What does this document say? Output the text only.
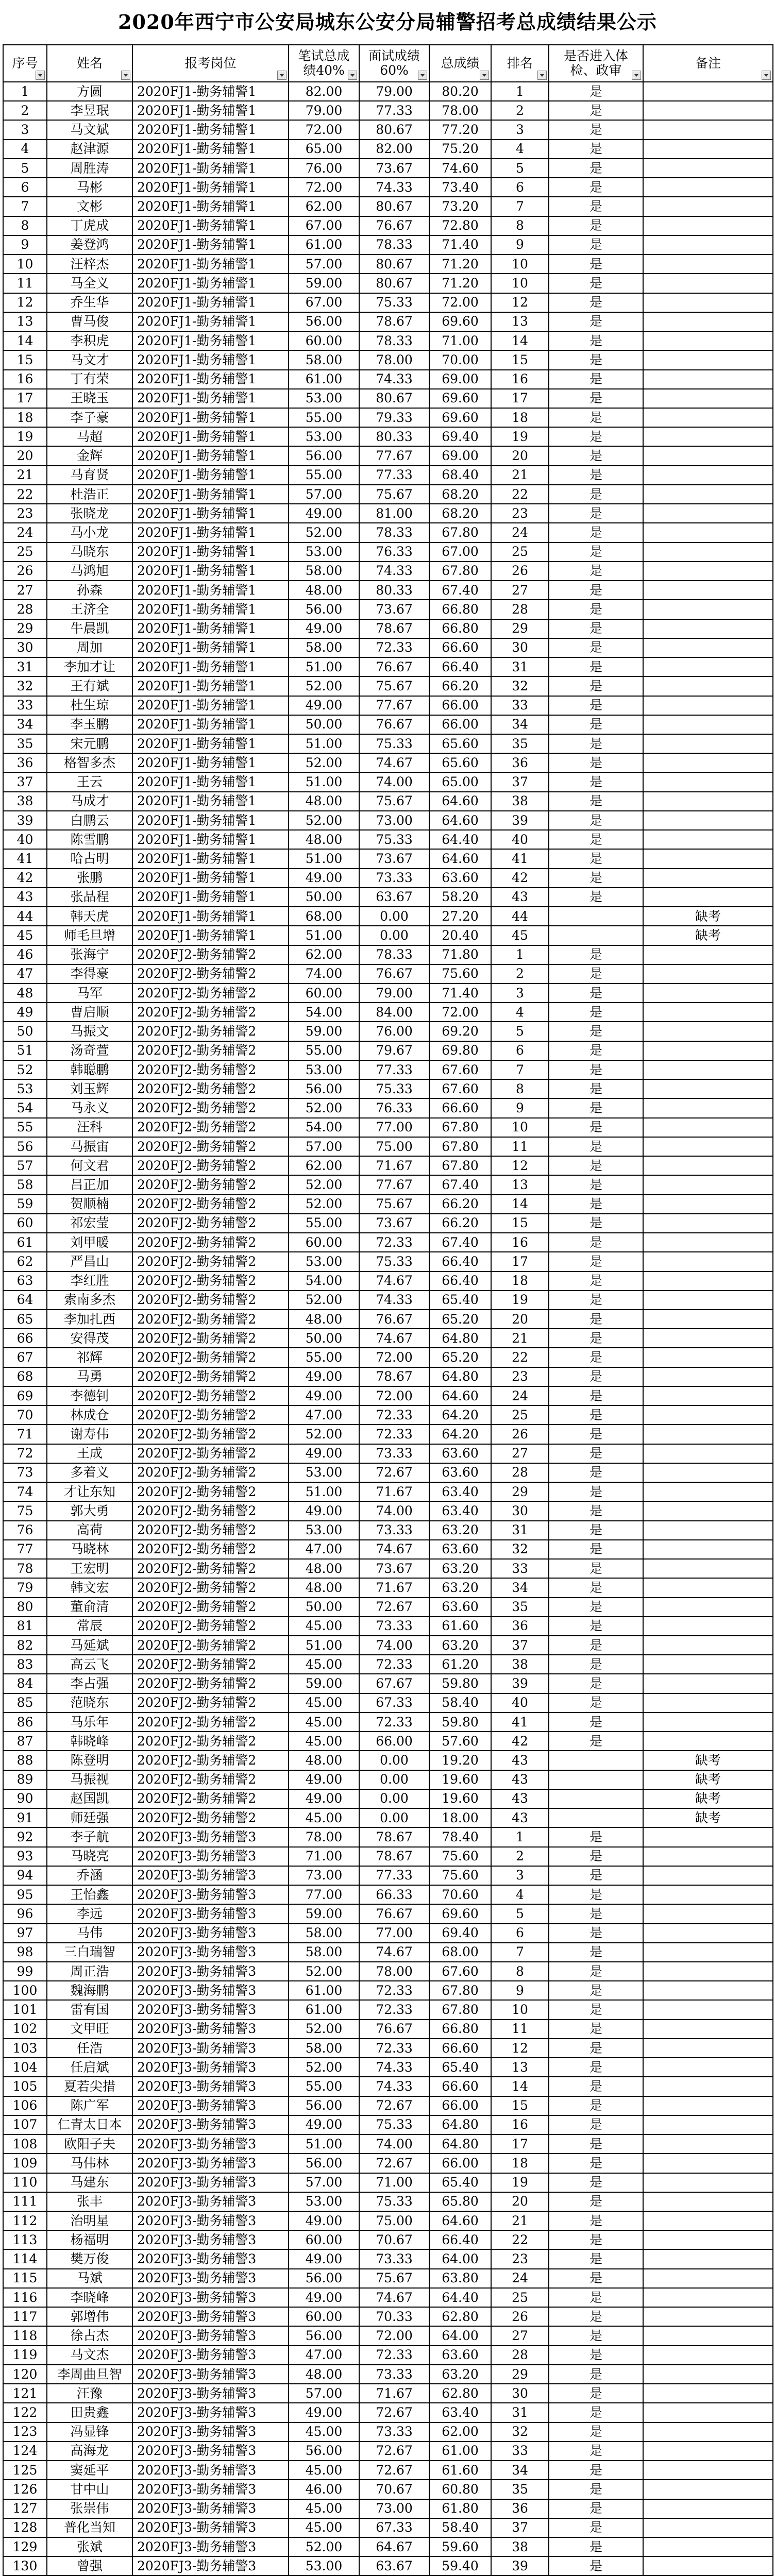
2020年西宁市公安局城东公安分局辅警招考总成绩结果公示
序号	姓名	报考岗位	笔试总成绩40%	面试成绩60%	总成绩	排名	是否进入体检、政审	备注

1	方圆	2020FJ1-勤务辅警1	82.00	79.00	80.20	1	是	
2	李昱珉	2020FJ1-勤务辅警1	79.00	77.33	78.00	2	是	
3	马文斌	2020FJ1-勤务辅警1	72.00	80.67	77.20	3	是	
4	赵津源	2020FJ1-勤务辅警1	65.00	82.00	75.20	4	是	
5	周胜涛	2020FJ1-勤务辅警1	76.00	73.67	74.60	5	是	
6	马彬	2020FJ1-勤务辅警1	72.00	74.33	73.40	6	是	
7	文彬	2020FJ1-勤务辅警1	62.00	80.67	73.20	7	是	
8	丁虎成	2020FJ1-勤务辅警1	67.00	76.67	72.80	8	是	
9	姜登鸿	2020FJ1-勤务辅警1	61.00	78.33	71.40	9	是	
10	汪梓杰	2020FJ1-勤务辅警1	57.00	80.67	71.20	10	是	
11	马全义	2020FJ1-勤务辅警1	59.00	80.67	71.20	10	是	
12	乔生华	2020FJ1-勤务辅警1	67.00	75.33	72.00	12	是	
13	曹马俊	2020FJ1-勤务辅警1	56.00	78.67	69.60	13	是	
14	李积虎	2020FJ1-勤务辅警1	60.00	78.33	71.00	14	是	
15	马文才	2020FJ1-勤务辅警1	58.00	78.00	70.00	15	是	
16	丁有荣	2020FJ1-勤务辅警1	61.00	74.33	69.00	16	是	
17	王晓玉	2020FJ1-勤务辅警1	53.00	80.67	69.60	17	是	
18	李子豪	2020FJ1-勤务辅警1	55.00	79.33	69.60	18	是	
19	马超	2020FJ1-勤务辅警1	53.00	80.33	69.40	19	是	
20	金辉	2020FJ1-勤务辅警1	56.00	77.67	69.00	20	是	
21	马育贤	2020FJ1-勤务辅警1	55.00	77.33	68.40	21	是	
22	杜浩正	2020FJ1-勤务辅警1	57.00	75.67	68.20	22	是	
23	张晓龙	2020FJ1-勤务辅警1	49.00	81.00	68.20	23	是	
24	马小龙	2020FJ1-勤务辅警1	52.00	78.33	67.80	24	是	
25	马晓东	2020FJ1-勤务辅警1	53.00	76.33	67.00	25	是	
26	马鸿旭	2020FJ1-勤务辅警1	58.00	74.33	67.80	26	是	
27	孙森	2020FJ1-勤务辅警1	48.00	80.33	67.40	27	是	
28	王济全	2020FJ1-勤务辅警1	56.00	73.67	66.80	28	是	
29	牛晨凯	2020FJ1-勤务辅警1	49.00	78.67	66.80	29	是	
30	周加	2020FJ1-勤务辅警1	58.00	72.33	66.60	30	是	
31	李加才让	2020FJ1-勤务辅警1	51.00	76.67	66.40	31	是	
32	王有斌	2020FJ1-勤务辅警1	52.00	75.67	66.20	32	是	
33	杜生琼	2020FJ1-勤务辅警1	49.00	77.67	66.00	33	是	
34	李玉鹏	2020FJ1-勤务辅警1	50.00	76.67	66.00	34	是	
35	宋元鹏	2020FJ1-勤务辅警1	51.00	75.33	65.60	35	是	
36	格智多杰	2020FJ1-勤务辅警1	52.00	74.67	65.60	36	是	
37	王云	2020FJ1-勤务辅警1	51.00	74.00	65.00	37	是	
38	马成才	2020FJ1-勤务辅警1	48.00	75.67	64.60	38	是	
39	白鹏云	2020FJ1-勤务辅警1	52.00	73.00	64.60	39	是	
40	陈雪鹏	2020FJ1-勤务辅警1	48.00	75.33	64.40	40	是	
41	哈占明	2020FJ1-勤务辅警1	51.00	73.67	64.60	41	是	
42	张鹏	2020FJ1-勤务辅警1	49.00	73.33	63.60	42	是	
43	张品程	2020FJ1-勤务辅警1	50.00	63.67	58.20	43	是	
44	韩天虎	2020FJ1-勤务辅警1	68.00	0.00	27.20	44		缺考
45	师毛旦增	2020FJ1-勤务辅警1	51.00	0.00	20.40	45		缺考
46	张海宁	2020FJ2-勤务辅警2	62.00	78.33	71.80	1	是	
47	李得豪	2020FJ2-勤务辅警2	74.00	76.67	75.60	2	是	
48	马军	2020FJ2-勤务辅警2	60.00	79.00	71.40	3	是	
49	曹启顺	2020FJ2-勤务辅警2	54.00	84.00	72.00	4	是	
50	马振文	2020FJ2-勤务辅警2	59.00	76.00	69.20	5	是	
51	汤奇萱	2020FJ2-勤务辅警2	55.00	79.67	69.80	6	是	
52	韩聪鹏	2020FJ2-勤务辅警2	53.00	77.33	67.60	7	是	
53	刘玉辉	2020FJ2-勤务辅警2	56.00	75.33	67.60	8	是	
54	马永义	2020FJ2-勤务辅警2	52.00	76.33	66.60	9	是	
55	汪科	2020FJ2-勤务辅警2	54.00	77.00	67.80	10	是	
56	马振宙	2020FJ2-勤务辅警2	57.00	75.00	67.80	11	是	
57	何文君	2020FJ2-勤务辅警2	62.00	71.67	67.80	12	是	
58	吕正加	2020FJ2-勤务辅警2	52.00	77.67	67.40	13	是	
59	贺顺楠	2020FJ2-勤务辅警2	52.00	75.67	66.20	14	是	
60	祁宏莹	2020FJ2-勤务辅警2	55.00	73.67	66.20	15	是	
61	刘甲暖	2020FJ2-勤务辅警2	60.00	72.33	67.40	16	是	
62	严昌山	2020FJ2-勤务辅警2	53.00	75.33	66.40	17	是	
63	李红胜	2020FJ2-勤务辅警2	54.00	74.67	66.40	18	是	
64	索南多杰	2020FJ2-勤务辅警2	52.00	74.33	65.40	19	是	
65	李加扎西	2020FJ2-勤务辅警2	48.00	76.67	65.20	20	是	
66	安得茂	2020FJ2-勤务辅警2	50.00	74.67	64.80	21	是	
67	祁辉	2020FJ2-勤务辅警2	55.00	72.00	65.20	22	是	
68	马勇	2020FJ2-勤务辅警2	49.00	78.67	64.80	23	是	
69	李德钊	2020FJ2-勤务辅警2	49.00	72.00	64.60	24	是	
70	林成仓	2020FJ2-勤务辅警2	47.00	72.33	64.20	25	是	
71	谢寿伟	2020FJ2-勤务辅警2	52.00	72.33	64.20	26	是	
72	王成	2020FJ2-勤务辅警2	49.00	73.33	63.60	27	是	
73	多着义	2020FJ2-勤务辅警2	53.00	72.67	63.60	28	是	
74	才让东知	2020FJ2-勤务辅警2	51.00	71.67	63.40	29	是	
75	郭大勇	2020FJ2-勤务辅警2	49.00	74.00	63.40	30	是	
76	高荷	2020FJ2-勤务辅警2	53.00	73.33	63.20	31	是	
77	马晓林	2020FJ2-勤务辅警2	47.00	74.67	63.60	32	是	
78	王宏明	2020FJ2-勤务辅警2	48.00	73.67	63.20	33	是	
79	韩文宏	2020FJ2-勤务辅警2	48.00	71.67	63.20	34	是	
80	董俞清	2020FJ2-勤务辅警2	50.00	72.67	63.60	35	是	
81	常辰	2020FJ2-勤务辅警2	45.00	73.33	61.60	36	是	
82	马延斌	2020FJ2-勤务辅警2	51.00	74.00	63.20	37	是	
83	高云飞	2020FJ2-勤务辅警2	45.00	72.33	61.20	38	是	
84	李占强	2020FJ2-勤务辅警2	59.00	67.67	59.80	39	是	
85	范晓东	2020FJ2-勤务辅警2	45.00	67.33	58.40	40	是	
86	马乐年	2020FJ2-勤务辅警2	45.00	72.33	59.80	41	是	
87	韩晓峰	2020FJ2-勤务辅警2	45.00	66.00	57.60	42	是	
88	陈登明	2020FJ2-勤务辅警2	48.00	0.00	19.20	43		缺考
89	马振视	2020FJ2-勤务辅警2	49.00	0.00	19.60	43		缺考
90	赵国凯	2020FJ2-勤务辅警2	49.00	0.00	19.60	43		缺考
91	师廷强	2020FJ2-勤务辅警2	45.00	0.00	18.00	43		缺考
92	李子航	2020FJ3-勤务辅警3	78.00	78.67	78.40	1	是	
93	马晓亮	2020FJ3-勤务辅警3	71.00	78.67	75.60	2	是	
94	乔涵	2020FJ3-勤务辅警3	73.00	77.33	75.60	3	是	
95	王怡鑫	2020FJ3-勤务辅警3	77.00	66.33	70.60	4	是	
96	李远	2020FJ3-勤务辅警3	59.00	76.67	69.60	5	是	
97	马伟	2020FJ3-勤务辅警3	58.00	77.00	69.40	6	是	
98	三白瑞智	2020FJ3-勤务辅警3	58.00	74.67	68.00	7	是	
99	周正浩	2020FJ3-勤务辅警3	52.00	78.00	67.60	8	是	
100	魏海鹏	2020FJ3-勤务辅警3	61.00	72.33	67.80	9	是	
101	雷有国	2020FJ3-勤务辅警3	61.00	72.33	67.80	10	是	
102	文甲旺	2020FJ3-勤务辅警3	52.00	76.67	66.80	11	是	
103	任浩	2020FJ3-勤务辅警3	58.00	72.33	66.60	12	是	
104	任启斌	2020FJ3-勤务辅警3	52.00	74.33	65.40	13	是	
105	夏若尖措	2020FJ3-勤务辅警3	55.00	74.33	66.60	14	是	
106	陈广军	2020FJ3-勤务辅警3	56.00	72.67	66.00	15	是	
107	仁青太日本	2020FJ3-勤务辅警3	49.00	75.33	64.80	16	是	
108	欧阳子夫	2020FJ3-勤务辅警3	51.00	74.00	64.80	17	是	
109	马伟林	2020FJ3-勤务辅警3	56.00	72.67	66.00	18	是	
110	马建东	2020FJ3-勤务辅警3	57.00	71.00	65.40	19	是	
111	张丰	2020FJ3-勤务辅警3	53.00	75.33	65.80	20	是	
112	治明星	2020FJ3-勤务辅警3	49.00	75.00	64.60	21	是	
113	杨福明	2020FJ3-勤务辅警3	60.00	70.67	66.40	22	是	
114	樊万俊	2020FJ3-勤务辅警3	49.00	73.33	64.00	23	是	
115	马斌	2020FJ3-勤务辅警3	56.00	75.67	63.80	24	是	
116	李晓峰	2020FJ3-勤务辅警3	49.00	74.67	64.40	25	是	
117	郭增伟	2020FJ3-勤务辅警3	60.00	70.33	62.80	26	是	
118	徐占杰	2020FJ3-勤务辅警3	56.00	72.00	64.00	27	是	
119	马文杰	2020FJ3-勤务辅警3	47.00	72.33	63.60	28	是	
120	李周曲旦智	2020FJ3-勤务辅警3	48.00	73.33	63.20	29	是	
121	汪豫	2020FJ3-勤务辅警3	57.00	71.67	62.80	30	是	
122	田贵鑫	2020FJ3-勤务辅警3	49.00	72.67	63.40	31	是	
123	冯显锋	2020FJ3-勤务辅警3	45.00	73.33	62.00	32	是	
124	高海龙	2020FJ3-勤务辅警3	56.00	72.67	61.00	33	是	
125	窦延平	2020FJ3-勤务辅警3	45.00	72.67	61.60	34	是	
126	甘中山	2020FJ3-勤务辅警3	46.00	70.67	60.80	35	是	
127	张崇伟	2020FJ3-勤务辅警3	45.00	73.00	61.80	36	是	
128	普化当知	2020FJ3-勤务辅警3	45.00	67.33	58.40	37	是	
129	张斌	2020FJ3-勤务辅警3	52.00	64.67	59.60	38	是	
130	曾强	2020FJ3-勤务辅警3	53.00	63.67	59.40	39	是	
